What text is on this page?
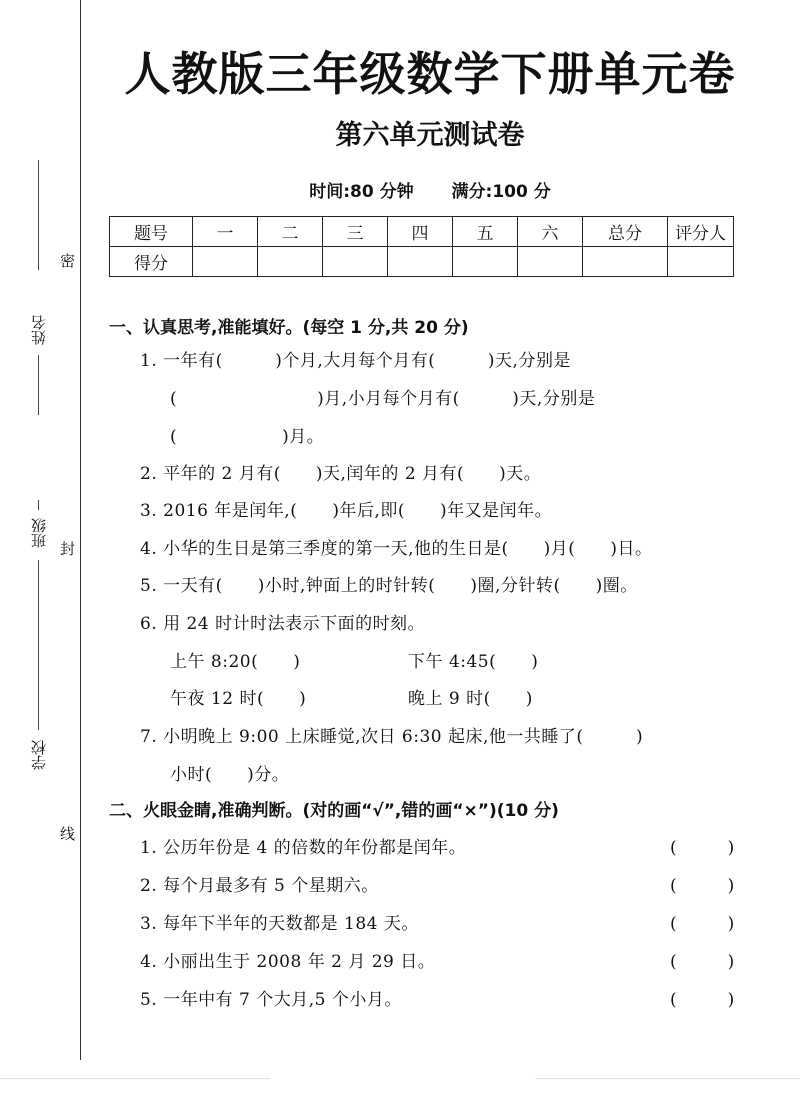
姓名
班级
学校
密
封
线
人教版三年级数学下册单元卷
第六单元测试卷
时间:80 分钟 满分:100 分
题号	一	二	三	四	五	六	总分	评分人
得分								
一、认真思考,准能填好。(每空 1 分,共 20 分)
1. 一年有(　　　)个月,大月每个月有(　　　)天,分别是
(　　　　　　　　)月,小月每个月有(　　　)天,分别是
(　　　　　　)月。
2. 平年的 2 月有(　　)天,闰年的 2 月有(　　)天。
3. 2016 年是闰年,(　　)年后,即(　　)年又是闰年。
4. 小华的生日是第三季度的第一天,他的生日是(　　)月(　　)日。
5. 一天有(　　)小时,钟面上的时针转(　　)圈,分针转(　　)圈。
6. 用 24 时计时法表示下面的时刻。
上午 8:20(　　)	下午 4:45(　　)
午夜 12 时(　　)	晚上 9 时(　　)
7. 小明晚上 9:00 上床睡觉,次日 6:30 起床,他一共睡了(　　　)
小时(　　)分。
二、火眼金睛,准确判断。(对的画“√”,错的画“×”)(10 分)
1. 公历年份是 4 的倍数的年份都是闰年。	(　　　)
2. 每个月最多有 5 个星期六。	(　　　)
3. 每年下半年的天数都是 184 天。	(　　　)
4. 小丽出生于 2008 年 2 月 29 日。	(　　　)
5. 一年中有 7 个大月,5 个小月。	(　　　)
